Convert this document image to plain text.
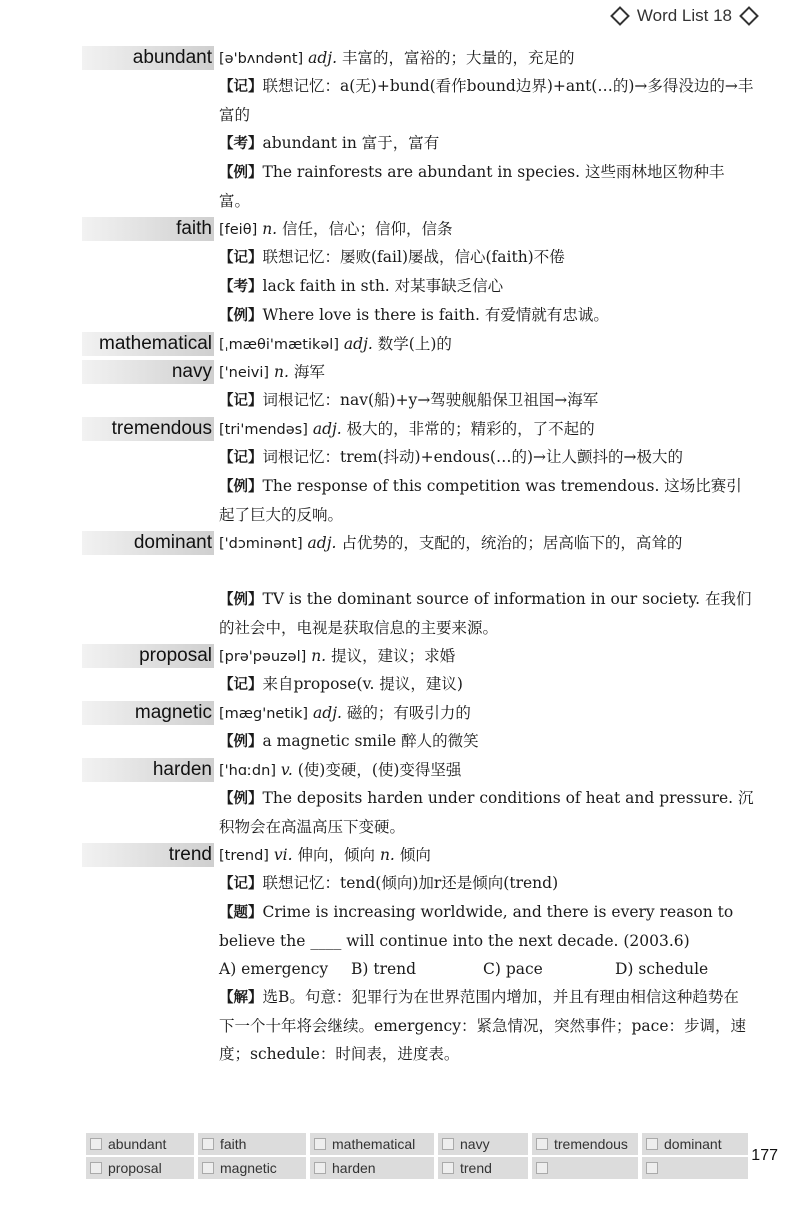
Word List 18
abundant [ə'bʌndənt] adj. 丰富的，富裕的；大量的，充足的
【记】联想记忆：a(无)+bund(看作bound边界)+ant(…的)→多得没边的→丰富的
【考】abundant in 富于，富有
【例】The rainforests are abundant in species. 这些雨林地区物种丰富。
faith [feiθ] n. 信任，信心；信仰，信条
【记】联想记忆：屡败(fail)屡战，信心(faith)不倦
【考】lack faith in sth. 对某事缺乏信心
【例】Where love is there is faith. 有爱情就有忠诚。
mathematical [ˌmæθi'mætikəl] adj. 数学(上)的
navy ['neivi] n. 海军
【记】词根记忆：nav(船)+y→驾驶舰船保卫祖国→海军
tremendous [tri'mendəs] adj. 极大的，非常的；精彩的，了不起的
【记】词根记忆：trem(抖动)+endous(…的)→让人颤抖的→极大的
【例】The response of this competition was tremendous. 这场比赛引起了巨大的反响。
dominant ['dɔminənt] adj. 占优势的，支配的，统治的；居高临下的，高耸的
【例】TV is the dominant source of information in our society. 在我们的社会中，电视是获取信息的主要来源。
proposal [prə'pəuzəl] n. 提议，建议；求婚
【记】来自propose(v. 提议，建议)
magnetic [mæg'netik] adj. 磁的；有吸引力的
【例】a magnetic smile 醉人的微笑
harden ['hɑːdn] v. (使)变硬，(使)变得坚强
【例】The deposits harden under conditions of heat and pressure. 沉积物会在高温高压下变硬。
trend [trend] vi. 伸向，倾向 n. 倾向
【记】联想记忆：tend(倾向)加r还是倾向(trend)
【题】Crime is increasing worldwide, and there is every reason to believe the ____ will continue into the next decade. (2003.6)
A) emergency	B) trend	C) pace	D) schedule
【解】选B。句意：犯罪行为在世界范围内增加，并且有理由相信这种趋势在下一个十年将会继续。emergency：紧急情况，突然事件；pace：步调，速度；schedule：时间表，进度表。
abundant	faith	mathematical	navy	tremendous	dominant
proposal	magnetic	harden	trend
177
